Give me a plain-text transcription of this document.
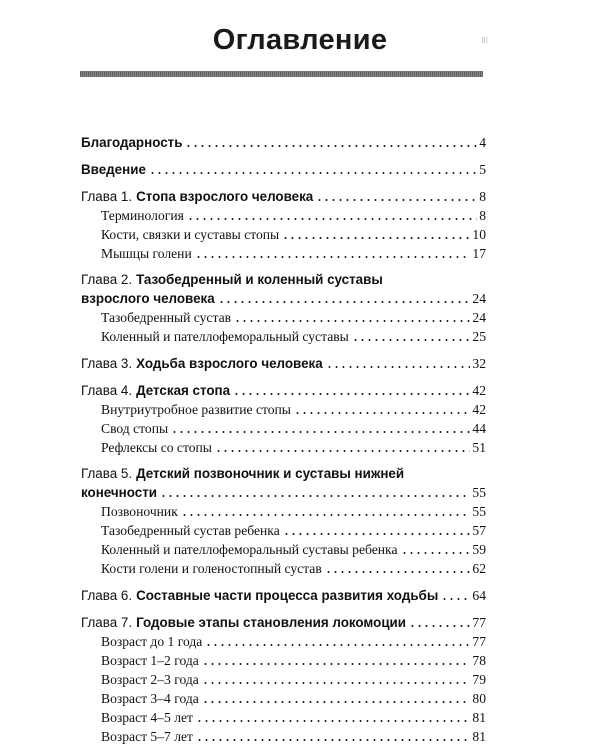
Оглавление	III
Благодарность	4
Введение	5
Глава 1. Стопа взрослого человека	8
Терминология	8
Кости, связки и суставы стопы	10
Мышцы голени	17
Глава 2. Тазобедренный и коленный суставы
взрослого человека	24
Тазобедренный сустав	24
Коленный и пателлофеморальный суставы	25
Глава 3. Ходьба взрослого человека	32
Глава 4. Детская стопа	42
Внутриутробное развитие стопы	42
Свод стопы	44
Рефлексы со стопы	51
Глава 5. Детский позвоночник и суставы нижней
конечности	55
Позвоночник	55
Тазобедренный сустав ребенка	57
Коленный и пателлофеморальный суставы ребенка	59
Кости голени и голеностопный сустав	62
Глава 6. Составные части процесса развития ходьбы	64
Глава 7. Годовые этапы становления локомоции	77
Возраст до 1 года	77
Возраст 1–2 года	78
Возраст 2–3 года	79
Возраст 3–4 года	80
Возраст 4–5 лет	81
Возраст 5–7 лет	81
